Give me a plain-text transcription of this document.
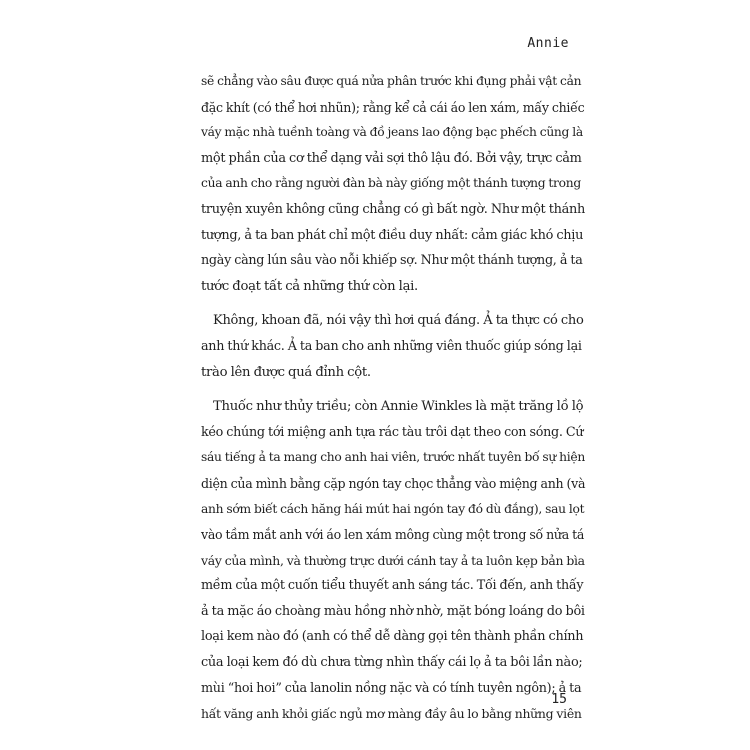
Annie

sẽ chẳng vào sâu được quá nửa phân trước khi đụng phải vật cản
đặc khít (có thể hơi nhũn); rằng kể cả cái áo len xám, mấy chiếc
váy mặc nhà tuềnh toàng và đồ jeans lao động bạc phếch cũng là
một phần của cơ thể dạng vải sợi thô lậu đó. Bởi vậy, trực cảm
của anh cho rằng người đàn bà này giống một thánh tượng trong
truyện xuyên không cũng chẳng có gì bất ngờ. Như một thánh
tượng, ả ta ban phát chỉ một điều duy nhất: cảm giác khó chịu
ngày càng lún sâu vào nỗi khiếp sợ. Như một thánh tượng, ả ta
tước đoạt tất cả những thứ còn lại.

Không, khoan đã, nói vậy thì hơi quá đáng. Ả ta thực có cho
anh thứ khác. Ả ta ban cho anh những viên thuốc giúp sóng lại
trào lên được quá đỉnh cột.

Thuốc như thủy triều; còn Annie Winkles là mặt trăng lồ lộ
kéo chúng tới miệng anh tựa rác tàu trôi dạt theo con sóng. Cứ
sáu tiếng ả ta mang cho anh hai viên, trước nhất tuyên bố sự hiện
diện của mình bằng cặp ngón tay chọc thẳng vào miệng anh (và
anh sớm biết cách hăng hái mút hai ngón tay đó dù đắng), sau lọt
vào tầm mắt anh với áo len xám mông cùng một trong số nửa tá
váy của mình, và thường trực dưới cánh tay ả ta luôn kẹp bản bìa
mềm của một cuốn tiểu thuyết anh sáng tác. Tối đến, anh thấy
ả ta mặc áo choàng màu hồng nhờ nhờ, mặt bóng loáng do bôi
loại kem nào đó (anh có thể dễ dàng gọi tên thành phần chính
của loại kem đó dù chưa từng nhìn thấy cái lọ ả ta bôi lần nào;
mùi “hoi hoi” của lanolin nồng nặc và có tính tuyên ngôn); ả ta
hất văng anh khỏi giấc ngủ mơ màng đầy âu lo bằng những viên

15
